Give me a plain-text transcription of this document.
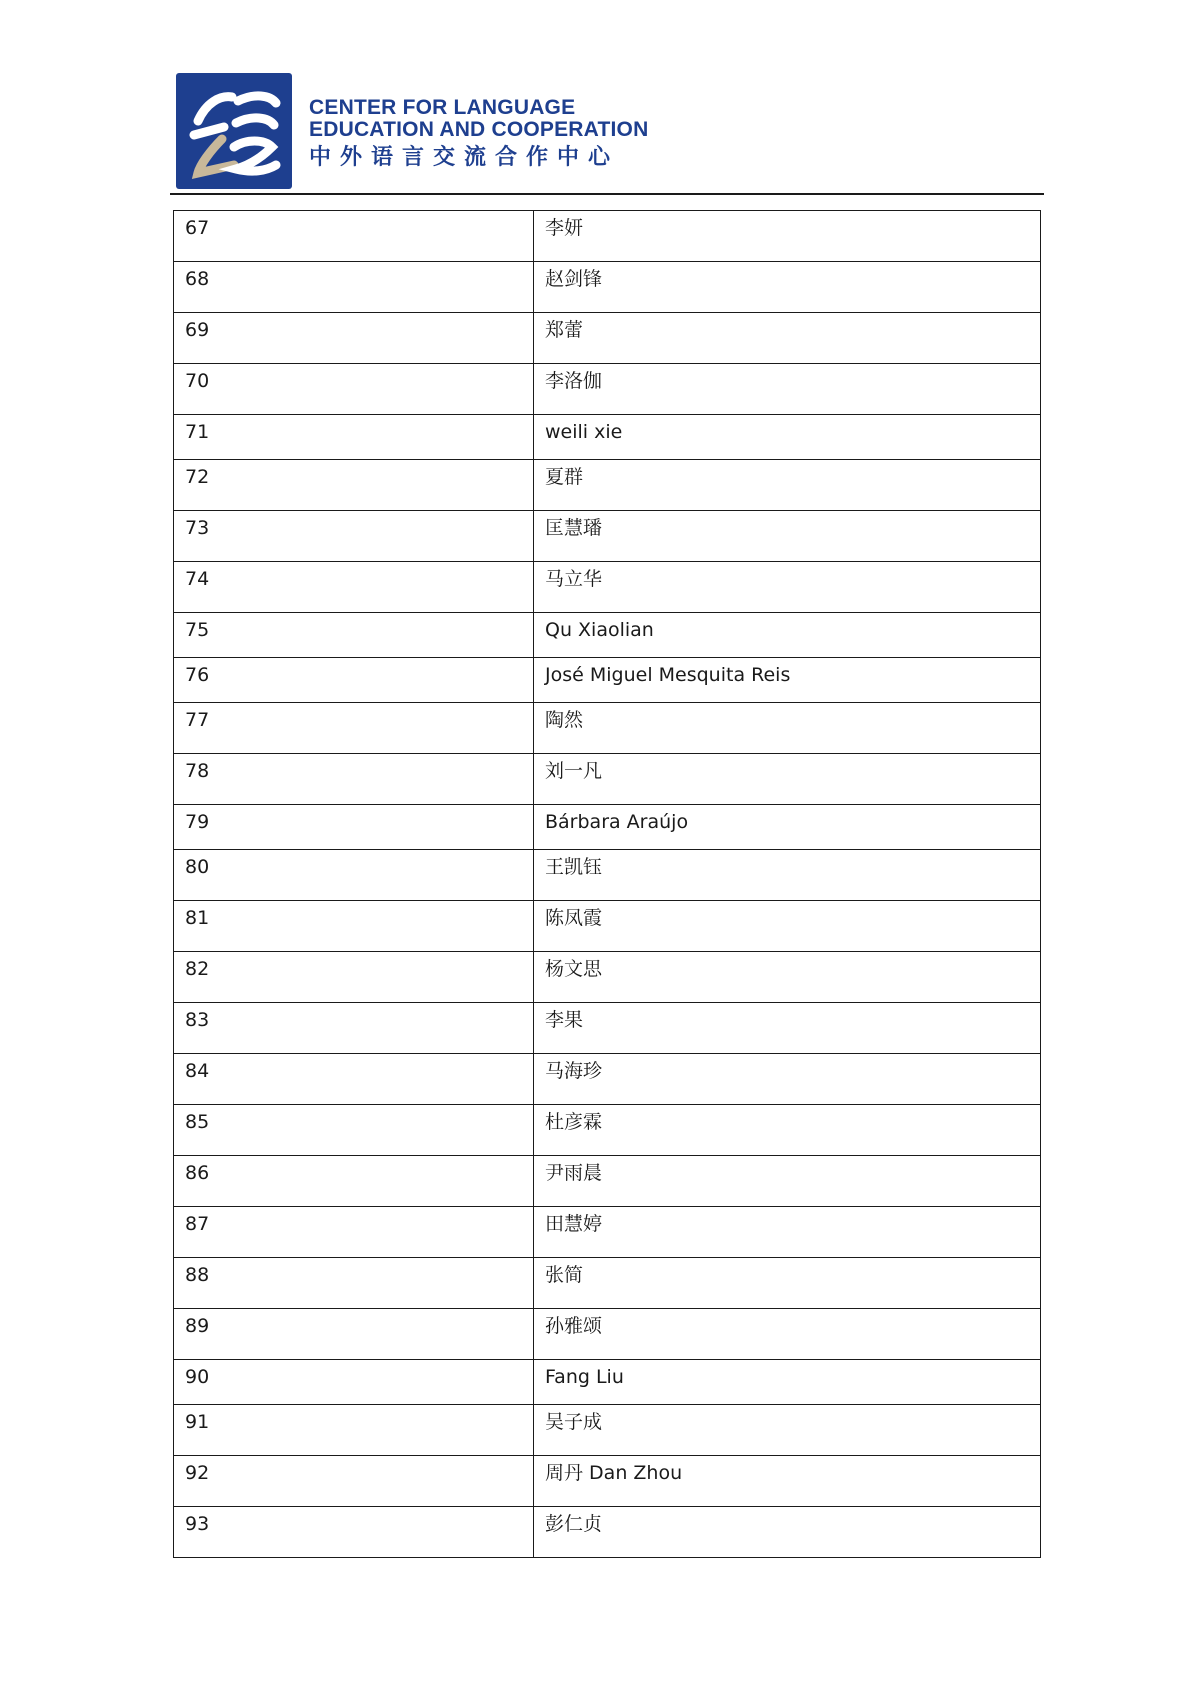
CENTER FOR LANGUAGE
EDUCATION AND COOPERATION
中外语言交流合作中心
67	李妍
68	赵剑锋
69	郑蕾
70	李洛伽
71	weili xie
72	夏群
73	匡慧璠
74	马立华
75	Qu Xiaolian
76	José Miguel Mesquita Reis
77	陶然
78	刘一凡
79	Bárbara Araújo
80	王凯钰
81	陈凤霞
82	杨文思
83	李果
84	马海珍
85	杜彦霖
86	尹雨晨
87	田慧婷
88	张简
89	孙雅颂
90	Fang Liu
91	吴子成
92	周丹 Dan Zhou
93	彭仁贞
